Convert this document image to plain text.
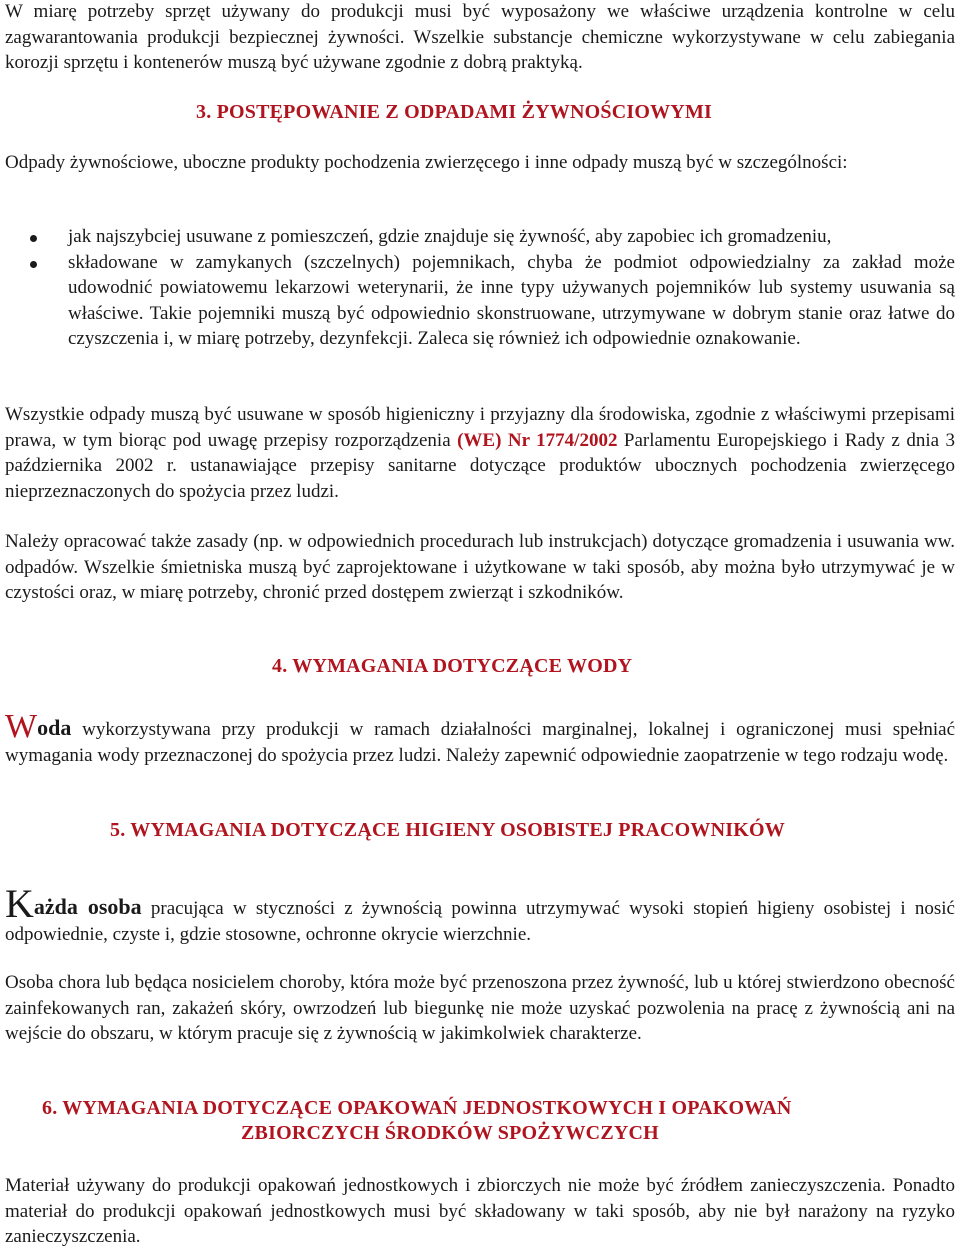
W miarę potrzeby sprzęt używany do produkcji musi być wyposażony we właściwe urządzenia kontrolne w celu zagwarantowania produkcji bezpiecznej żywności. Wszelkie substancje chemiczne wykorzystywane w celu zabiegania korozji sprzętu i kontenerów muszą być używane zgodnie z dobrą praktyką.

3. POSTĘPOWANIE Z ODPADAMI ŻYWNOŚCIOWYMI

Odpady żywnościowe, uboczne produkty pochodzenia zwierzęcego i inne odpady muszą być w szczególności:

jak najszybciej usuwane z pomieszczeń, gdzie znajduje się żywność, aby zapobiec ich gromadzeniu,
składowane w zamykanych (szczelnych) pojemnikach, chyba że podmiot odpowiedzialny za zakład może udowodnić powiatowemu lekarzowi weterynarii, że inne typy używanych pojemników lub systemy usuwania są właściwe. Takie pojemniki muszą być odpowiednio skonstruowane, utrzymywane w dobrym stanie oraz łatwe do czyszczenia i, w miarę potrzeby, dezynfekcji. Zaleca się również ich odpowiednie oznakowanie.

Wszystkie odpady muszą być usuwane w sposób higieniczny i przyjazny dla środowiska, zgodnie z właściwymi przepisami prawa, w tym biorąc pod uwagę przepisy rozporządzenia (WE) Nr 1774/2002 Parlamentu Europejskiego i Rady z dnia 3 października 2002 r. ustanawiające przepisy sanitarne dotyczące produktów ubocznych pochodzenia zwierzęcego nieprzeznaczonych do spożycia przez ludzi.

Należy opracować także zasady (np. w odpowiednich procedurach lub instrukcjach) dotyczące gromadzenia i usuwania ww. odpadów. Wszelkie śmietniska muszą być zaprojektowane i użytkowane w taki sposób, aby można było utrzymywać je w czystości oraz, w miarę potrzeby, chronić przed dostępem zwierząt i szkodników.

4. WYMAGANIA DOTYCZĄCE WODY

Woda wykorzystywana przy produkcji w ramach działalności marginalnej, lokalnej i ograniczonej musi spełniać wymagania wody przeznaczonej do spożycia przez ludzi. Należy zapewnić odpowiednie zaopatrzenie w tego rodzaju wodę.

5. WYMAGANIA DOTYCZĄCE HIGIENY OSOBISTEJ PRACOWNIKÓW

Każda osoba pracująca w styczności z żywnością powinna utrzymywać wysoki stopień higieny osobistej i nosić odpowiednie, czyste i, gdzie stosowne, ochronne okrycie wierzchnie.

Osoba chora lub będąca nosicielem choroby, która może być przenoszona przez żywność, lub u której stwierdzono obecność zainfekowanych ran, zakażeń skóry, owrzodzeń lub biegunkę nie może uzyskać pozwolenia na pracę z żywnością ani na wejście do obszaru, w którym pracuje się z żywnością w jakimkolwiek charakterze.

6. WYMAGANIA DOTYCZĄCE OPAKOWAŃ JEDNOSTKOWYCH I OPAKOWAŃ
ZBIORCZYCH ŚRODKÓW SPOŻYWCZYCH

Materiał używany do produkcji opakowań jednostkowych i zbiorczych nie może być źródłem zanieczyszczenia. Ponadto materiał do produkcji opakowań jednostkowych musi być składowany w taki sposób, aby nie był narażony na ryzyko zanieczyszczenia.
